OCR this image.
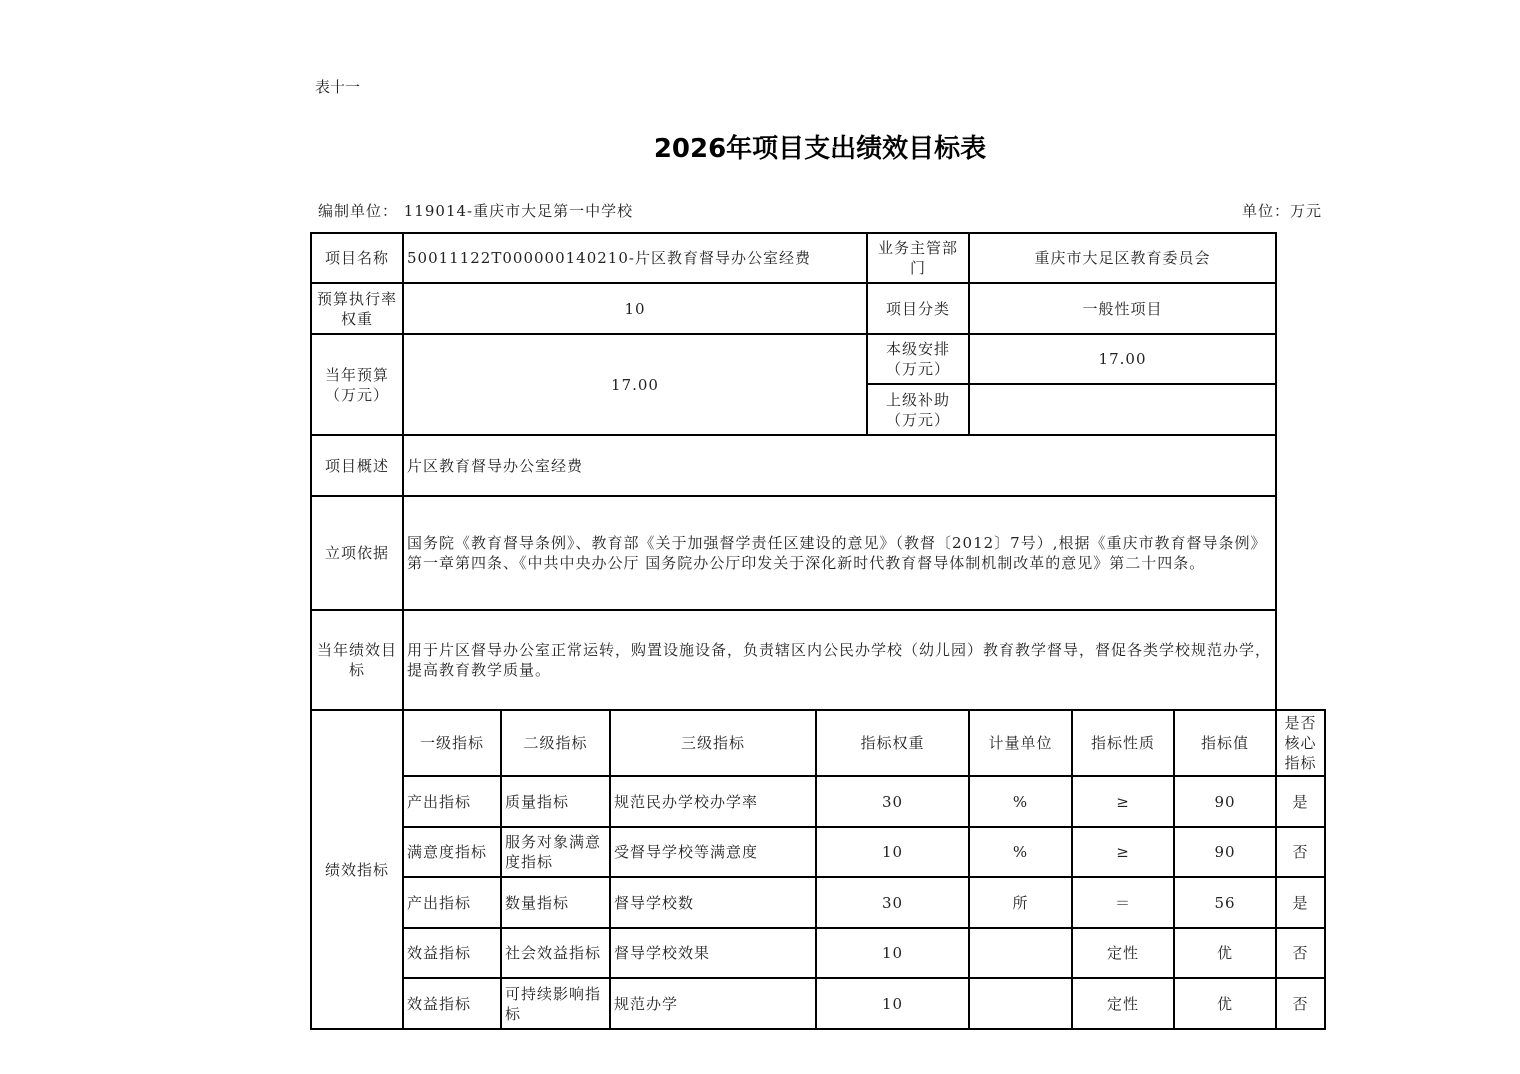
表十一
2026年项目支出绩效目标表
编制单位： 119014-重庆市大足第一中学校	单位：万元
项目名称	50011122T000000140210-片区教育督导办公室经费				业务主管部门	重庆市大足区教育委员会			
预算执行率权重	10				项目分类	一般性项目			
当年预算（万元）	17.00				本级安排（万元）	17.00			
					上级补助（万元）				
项目概述	片区教育督导办公室经费								
立项依据	国务院《教育督导条例》、教育部《关于加强督学责任区建设的意见》（教督〔2012〕7号）,根据《重庆市教育督导条例》第一章第四条、《中共中央办公厅 国务院办公厅印发关于深化新时代教育督导体制机制改革的意见》第二十四条。								
当年绩效目标	用于片区督导办公室正常运转，购置设施设备，负责辖区内公民办学校（幼儿园）教育教学督导，督促各类学校规范办学，提高教育教学质量。								
绩效指标	一级指标	二级指标	三级指标	指标权重		计量单位	指标性质	指标值	是否核心指标
	产出指标	质量指标	规范民办学校办学率	30		%	≥	90	是
	满意度指标	服务对象满意度指标	受督导学校等满意度	10		%	≥	90	否
	产出指标	数量指标	督导学校数	30		所	＝	56	是
	效益指标	社会效益指标	督导学校效果	10			定性	优	否
	效益指标	可持续影响指标	规范办学	10			定性	优	否
